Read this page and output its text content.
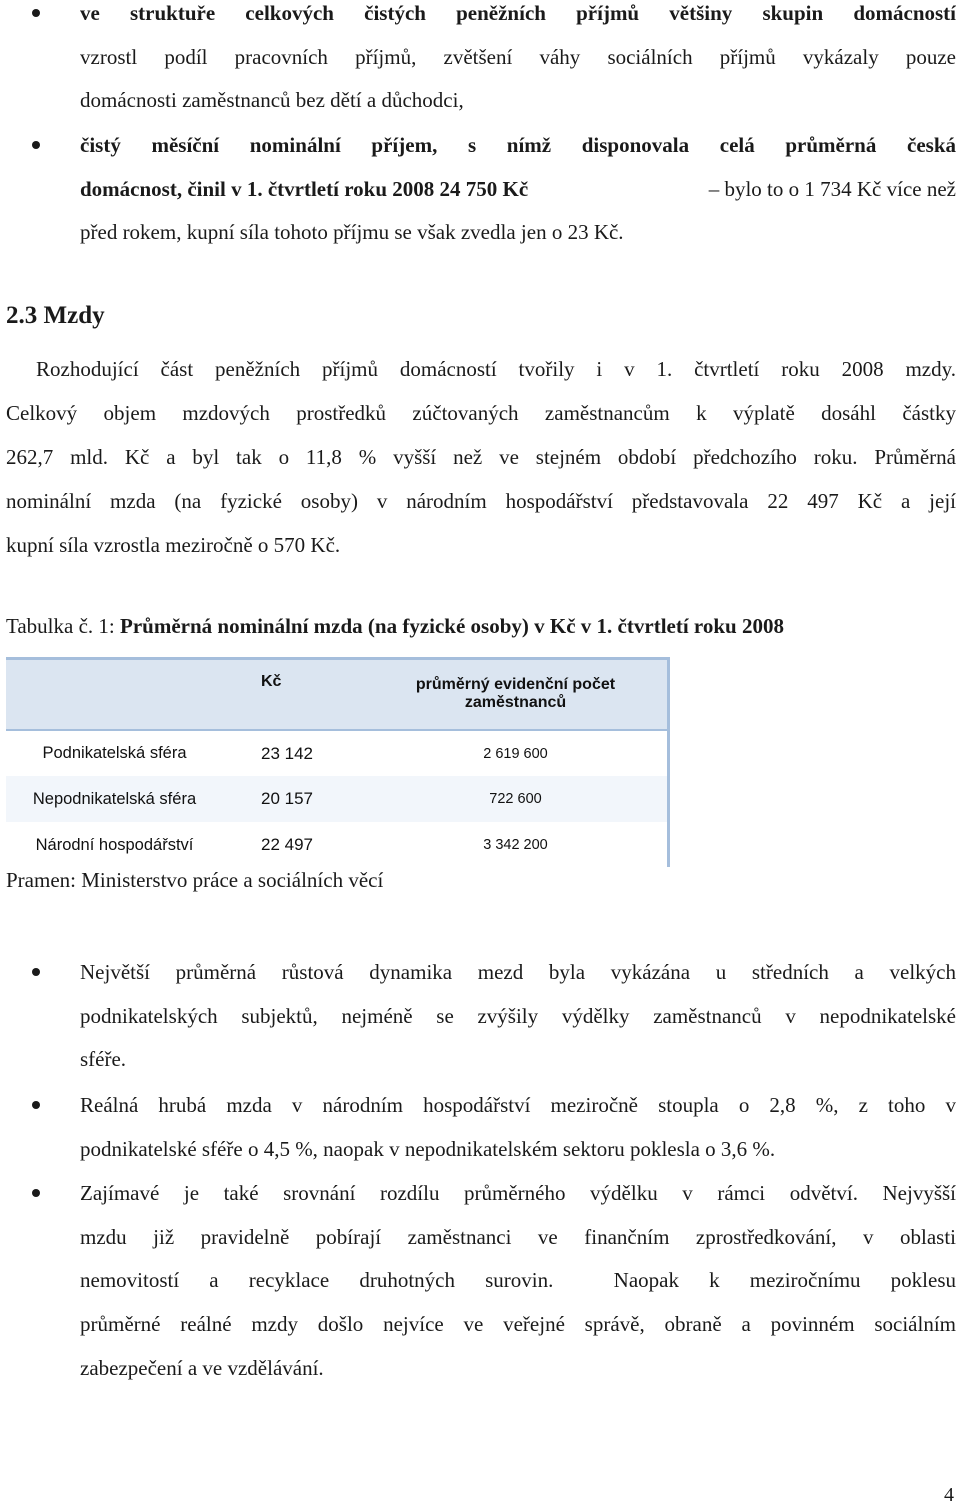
ve struktuře celkových čistých peněžních příjmů většiny skupin domácností
vzrostl podíl pracovních příjmů, zvětšení váhy sociálních příjmů vykázaly pouze
domácnosti zaměstnanců bez dětí a důchodci,
čistý měsíční nominální příjem, s nímž disponovala celá průměrná česká
domácnost, činil v 1. čtvrtletí roku 2008 24 750 Kč	– bylo to o 1 734 Kč více než
před rokem, kupní síla tohoto příjmu se však zvedla jen o 23 Kč.
2.3 Mzdy
Rozhodující část peněžních příjmů domácností tvořily i v 1. čtvrtletí roku 2008 mzdy.
Celkový objem mzdových prostředků zúčtovaných zaměstnancům k výplatě dosáhl částky
262,7 mld. Kč a byl tak o 11,8 % vyšší než ve stejném období předchozího roku. Průměrná
nominální mzda (na fyzické osoby) v národním hospodářství představovala 22 497 Kč a její
kupní síla vzrostla meziročně o 570 Kč.
Tabulka č. 1: Průměrná nominální mzda (na fyzické osoby) v Kč v 1. čtvrtletí roku 2008
	Kč	průměrný evidenční počet zaměstnanců
Podnikatelská sféra	23 142	2 619 600
Nepodnikatelská sféra	20 157	722 600
Národní hospodářství	22 497	3 342 200
Pramen: Ministerstvo práce a sociálních věcí
Největší průměrná růstová dynamika mezd byla vykázána u středních a velkých
podnikatelských subjektů, nejméně se zvýšily výdělky zaměstnanců v nepodnikatelské
sféře.
Reálná hrubá mzda v národním hospodářství meziročně stoupla o 2,8 %, z toho v
podnikatelské sféře o 4,5 %, naopak v nepodnikatelském sektoru poklesla o 3,6 %.
Zajímavé je také srovnání rozdílu průměrného výdělku v rámci odvětví. Nejvyšší
mzdu již pravidelně pobírají zaměstnanci ve finančním zprostředkování, v oblasti
nemovitostí a recyklace druhotných surovin.  Naopak k meziročnímu poklesu
průměrné reálné mzdy došlo nejvíce ve veřejné správě, obraně a povinném sociálním
zabezpečení a ve vzdělávání.
4
